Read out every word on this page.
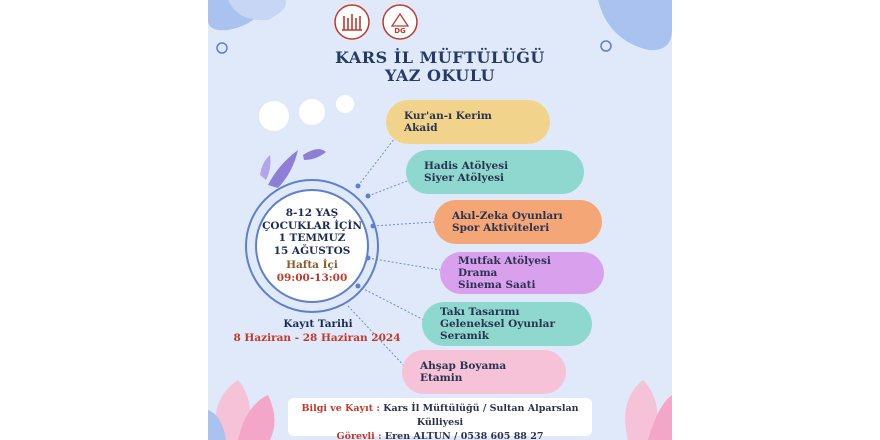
DG
KARS İL MÜFTÜLÜĞÜ
YAZ OKULU
8-12 YAŞ
ÇOCUKLAR İÇİN
1 TEMMUZ
15 AĞUSTOS
Hafta İçi
09:00-13:00
Kayıt Tarihi
8 Haziran - 28 Haziran 2024
Kur'an-ı Kerim
Akaid
Hadis Atölyesi
Siyer Atölyesi
Akıl-Zeka Oyunları
Spor Aktiviteleri
Mutfak Atölyesi
Drama
Sinema Saati
Takı Tasarımı
Geleneksel Oyunlar
Seramik
Ahşap Boyama
Etamin
Bilgi ve Kayıt : Kars İl Müftülüğü / Sultan Alparslan Külliyesi
Görevli : Eren ALTUN / 0538 605 88 27
